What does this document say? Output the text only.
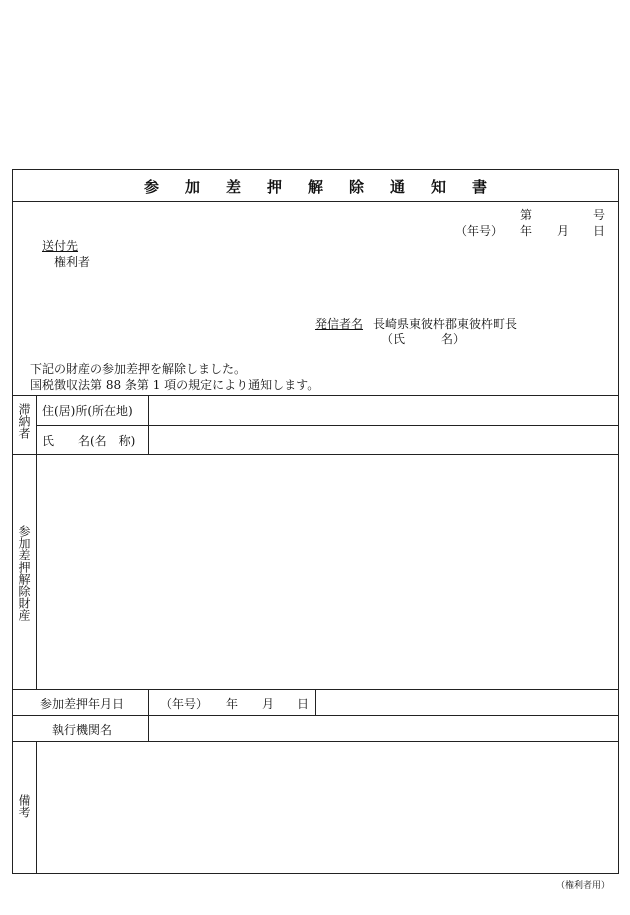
参加差押解除通知書
第	号
（年号） 年 月 日
送付先
権利者
発信者名 長崎県東彼杵郡東彼杵町長
（氏　　　名）
下記の財産の参加差押を解除しました。
国税徴収法第 88 条第 1 項の規定により通知します。
滞納者 住(居)所(所在地)
氏　　名(名　称)
参加差押解除財産
参加差押年月日	（年号） 年 月 日
執行機関名
備考
（権利者用）
